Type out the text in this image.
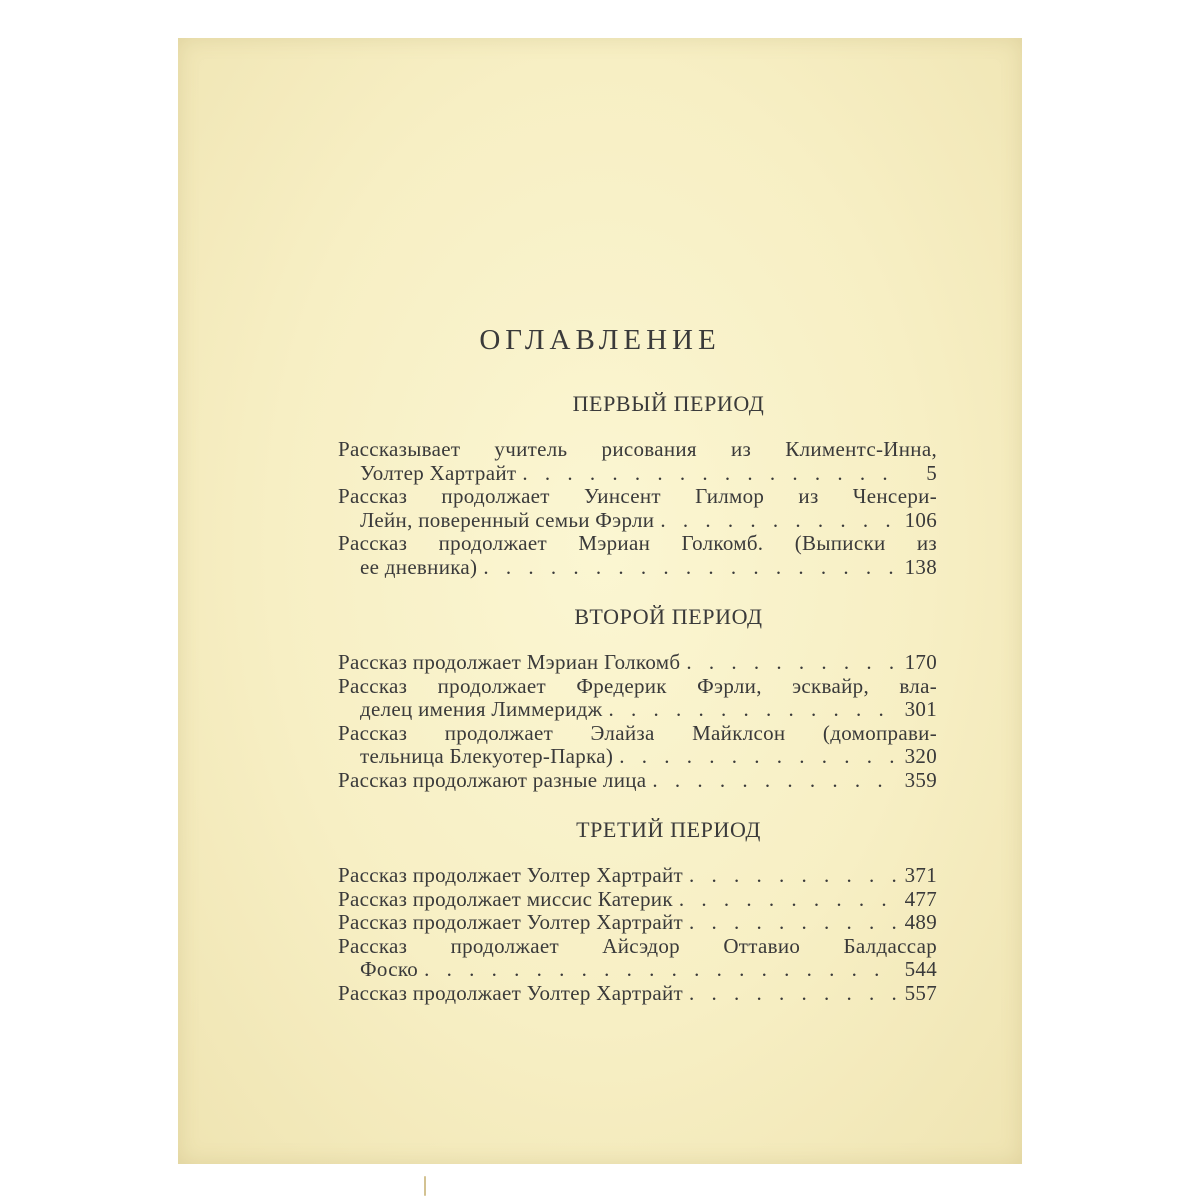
ОГЛАВЛЕНИЕ
ПЕРВЫЙ ПЕРИОД
Рассказывает учитель рисования из Климентс-Инна,
Уолтер Хартрайт . . .	5
Рассказ продолжает Уинсент Гилмор из Ченсери-
Лейн, поверенный семьи Фэрли . . .	106
Рассказ продолжает Мэриан Голкомб. (Выписки из
ее дневника) . . .	138
ВТОРОЙ ПЕРИОД
Рассказ продолжает Мэриан Голкомб . . .	170
Рассказ продолжает Фредерик Фэрли, эсквайр, вла-
делец имения Лиммеридж . . .	301
Рассказ продолжает Элайза Майклсон (домоправи-
тельница Блекуотер-Парка) . . .	320
Рассказ продолжают разные лица . . .	359
ТРЕТИЙ ПЕРИОД
Рассказ продолжает Уолтер Хартрайт . . .	371
Рассказ продолжает миссис Катерик . . .	477
Рассказ продолжает Уолтер Хартрайт . . .	489
Рассказ продолжает Айсэдор Оттавио Балдассар
Фоско . . .	544
Рассказ продолжает Уолтер Хартрайт . . .	557
